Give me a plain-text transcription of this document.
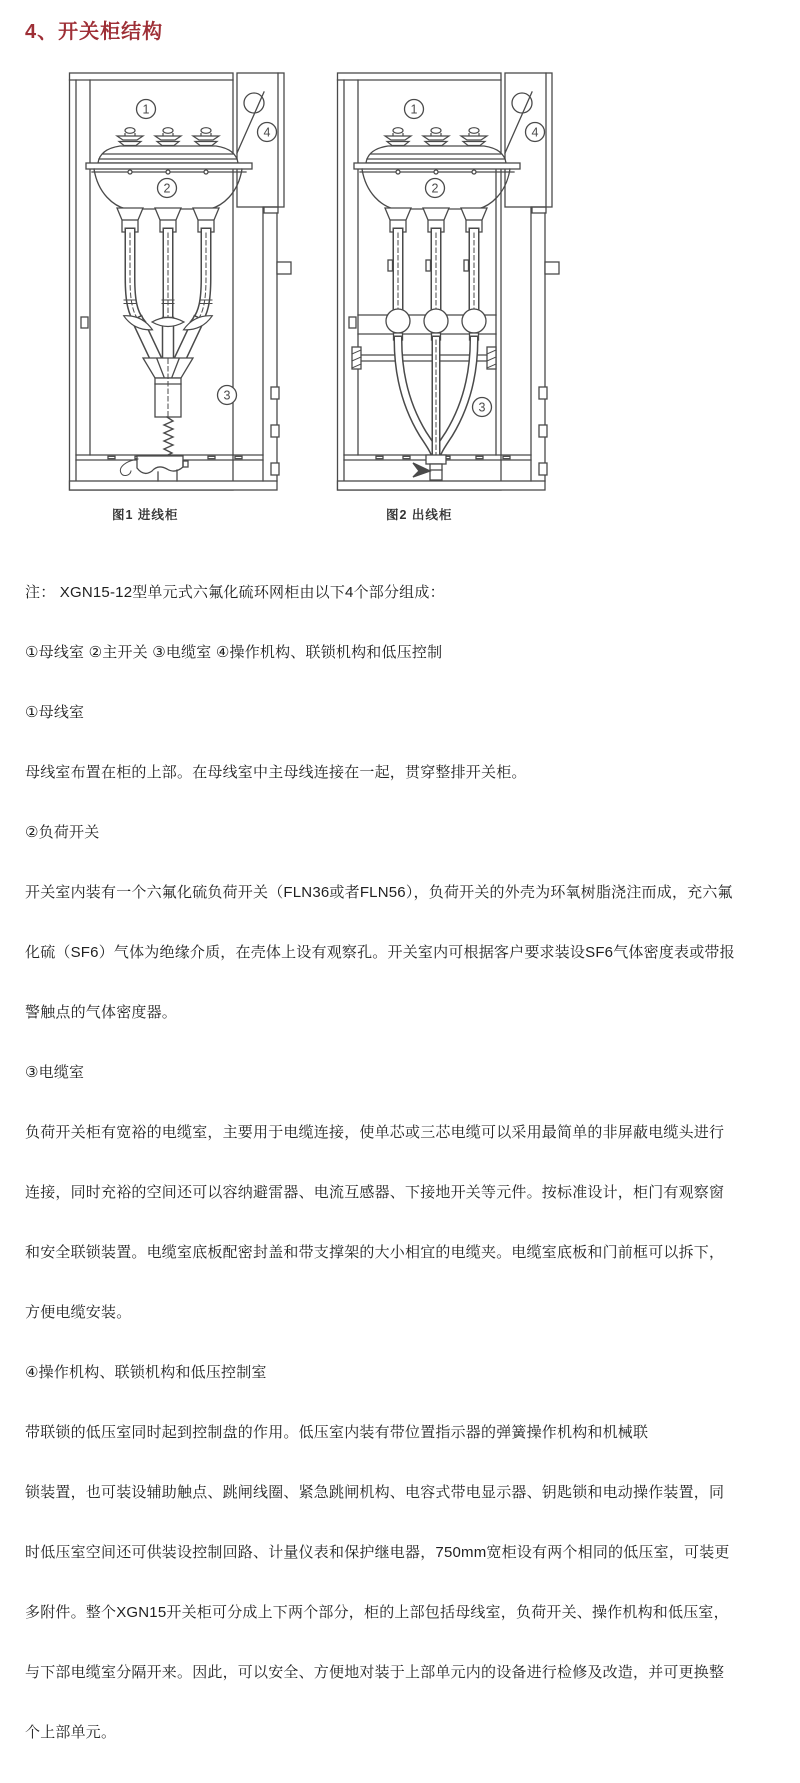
4、开关柜结构
1
2
3
4
图1 进线柜
1
2
3
4
图2 出线柜

注： XGN15-12型单元式六氟化硫环网柜由以下4个部分组成：

①母线室 ②主开关 ③电缆室 ④操作机构、联锁机构和低压控制

①母线室

母线室布置在柜的上部。在母线室中主母线连接在一起，贯穿整排开关柜。

②负荷开关

开关室内装有一个六氟化硫负荷开关（FLN36或者FLN56），负荷开关的外壳为环氧树脂浇注而成，充六氟

化硫（SF6）气体为绝缘介质，在壳体上设有观察孔。开关室内可根据客户要求装设SF6气体密度表或带报

警触点的气体密度器。

③电缆室

负荷开关柜有宽裕的电缆室，主要用于电缆连接，使单芯或三芯电缆可以采用最简单的非屏蔽电缆头进行

连接，同时充裕的空间还可以容纳避雷器、电流互感器、下接地开关等元件。按标准设计，柜门有观察窗

和安全联锁装置。电缆室底板配密封盖和带支撑架的大小相宜的电缆夹。电缆室底板和门前框可以拆下，

方便电缆安装。

④操作机构、联锁机构和低压控制室

带联锁的低压室同时起到控制盘的作用。低压室内装有带位置指示器的弹簧操作机构和机械联

锁装置，也可装设辅助触点、跳闸线圈、紧急跳闸机构、电容式带电显示器、钥匙锁和电动操作装置，同

时低压室空间还可供装设控制回路、计量仪表和保护继电器，750mm宽柜设有两个相同的低压室，可装更

多附件。整个XGN15开关柜可分成上下两个部分，柜的上部包括母线室，负荷开关、操作机构和低压室，

与下部电缆室分隔开来。因此，可以安全、方便地对装于上部单元内的设备进行检修及改造，并可更换整

个上部单元。
